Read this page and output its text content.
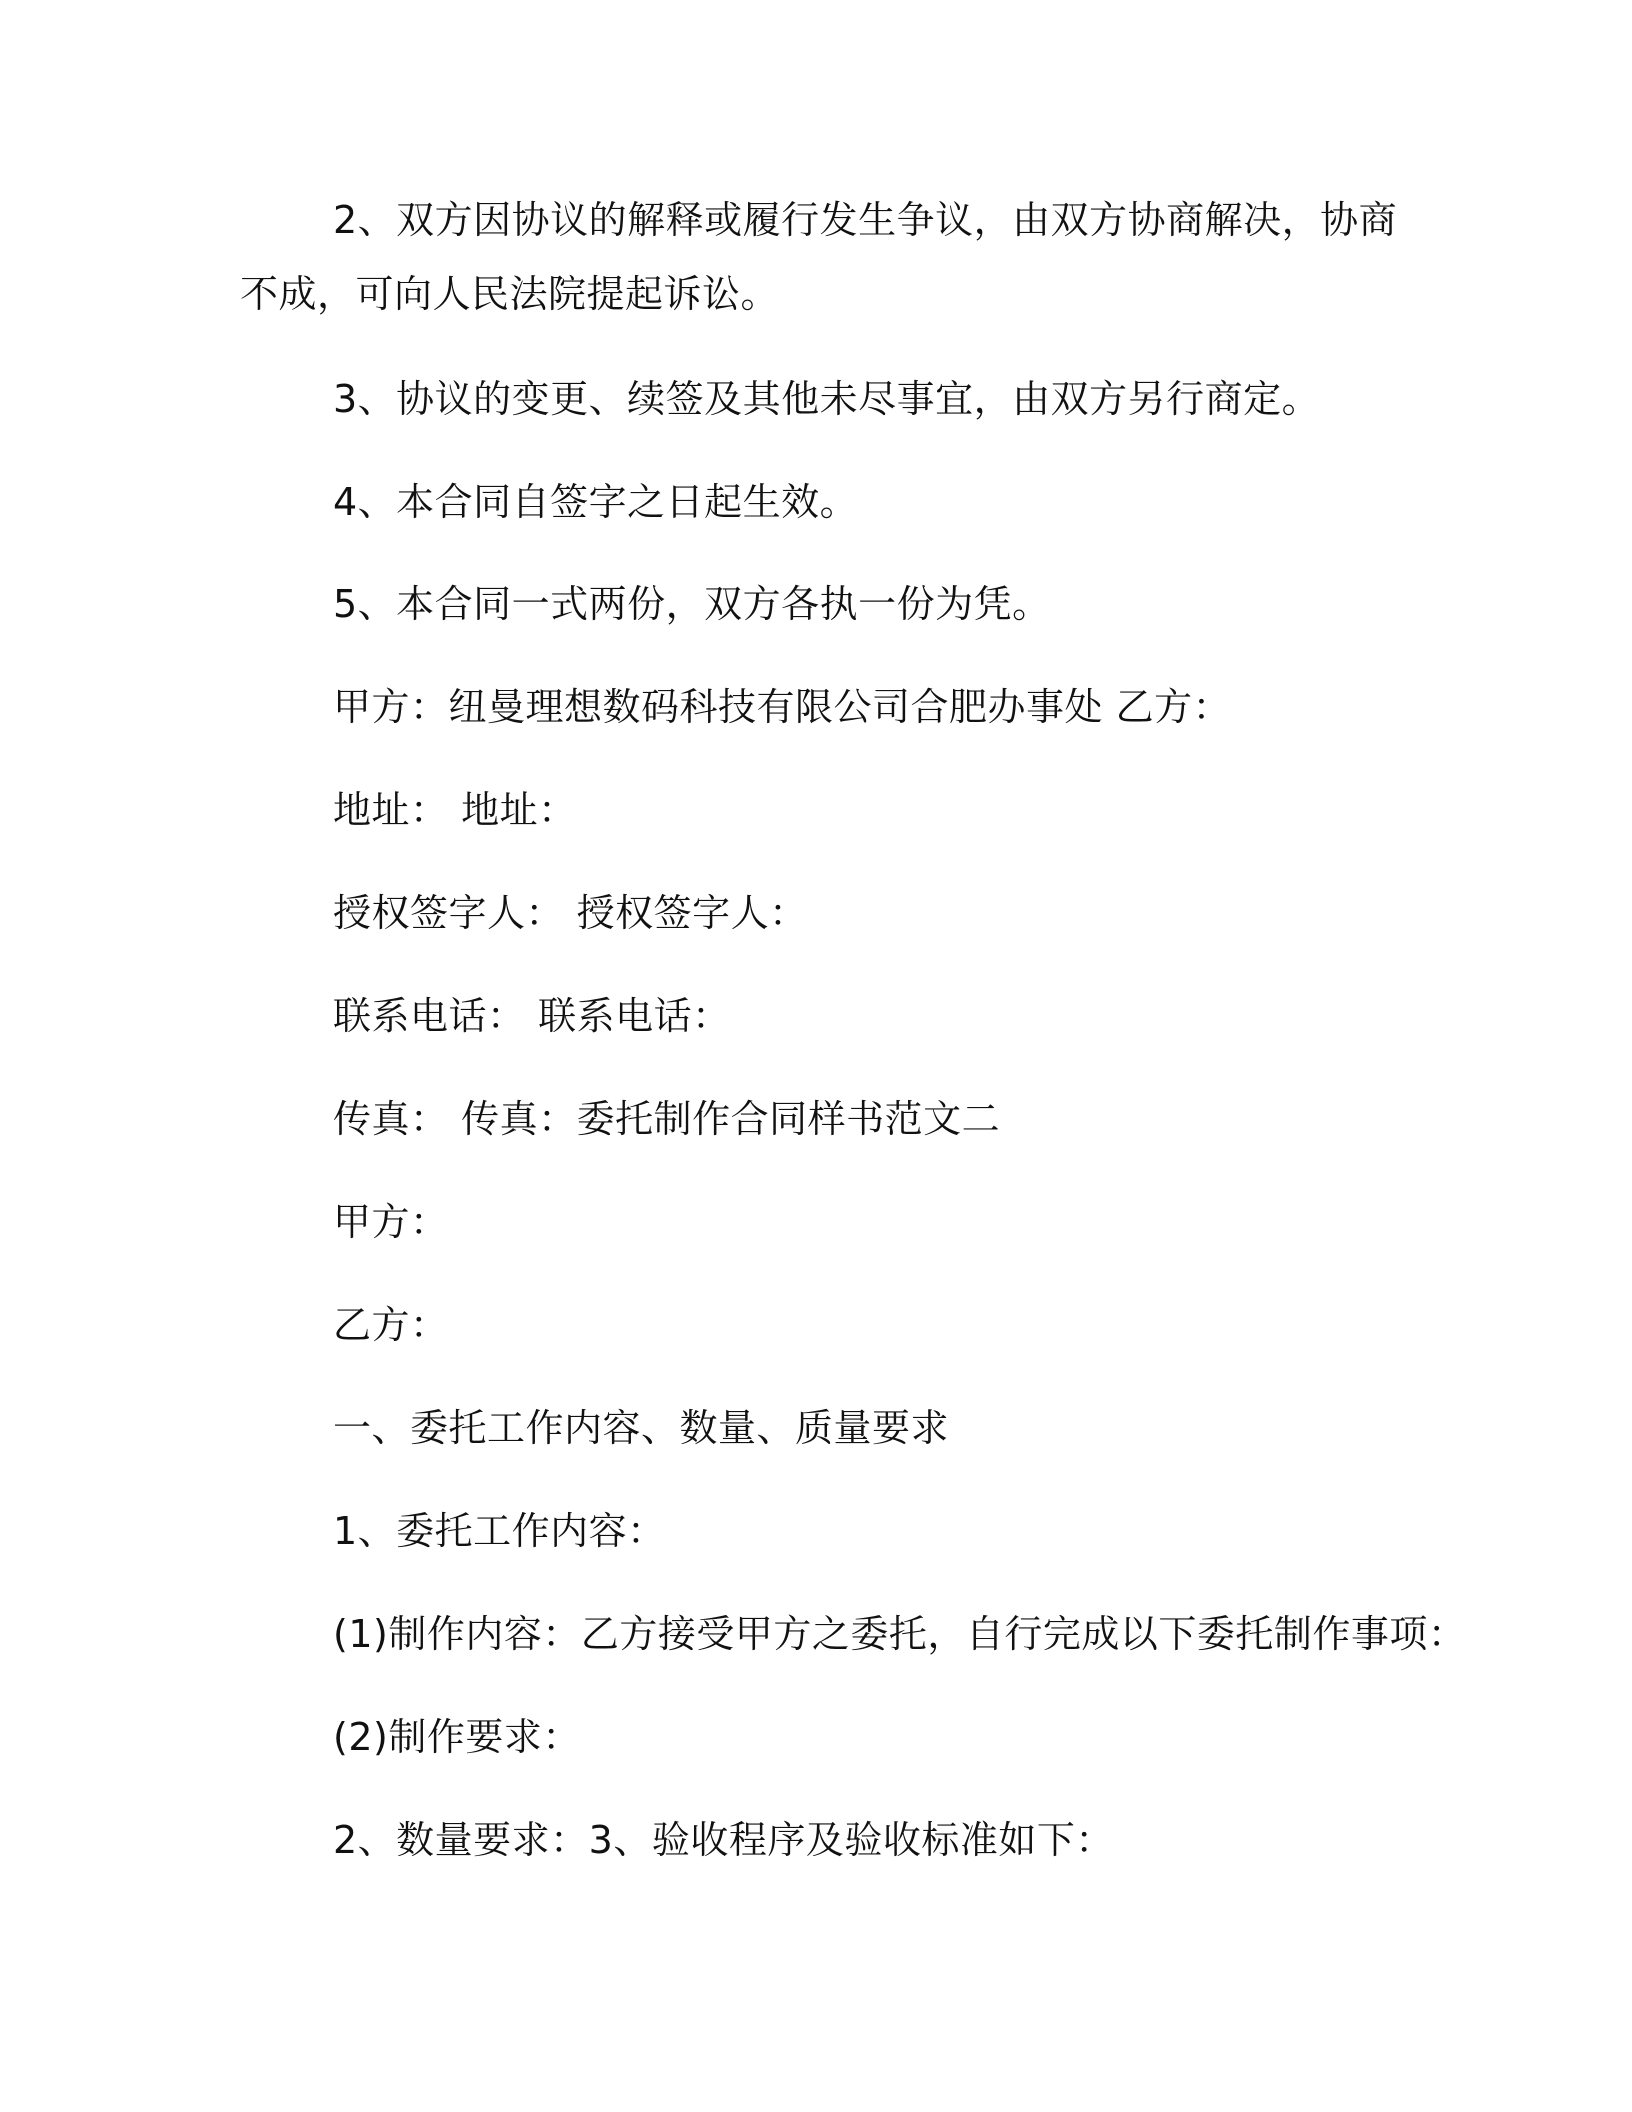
2、双方因协议的解释或履行发生争议，由双方协商解决，协商
不成，可向人民法院提起诉讼。
3、协议的变更、续签及其他未尽事宜，由双方另行商定。
4、本合同自签字之日起生效。
5、本合同一式两份，双方各执一份为凭。
甲方：纽曼理想数码科技有限公司合肥办事处 乙方：
地址： 地址：
授权签字人： 授权签字人：
联系电话： 联系电话：
传真： 传真：委托制作合同样书范文二
甲方：
乙方：
一、委托工作内容、数量、质量要求
1、委托工作内容：
(1)制作内容：乙方接受甲方之委托，自行完成以下委托制作事项：
(2)制作要求：
2、数量要求：3、验收程序及验收标准如下：
